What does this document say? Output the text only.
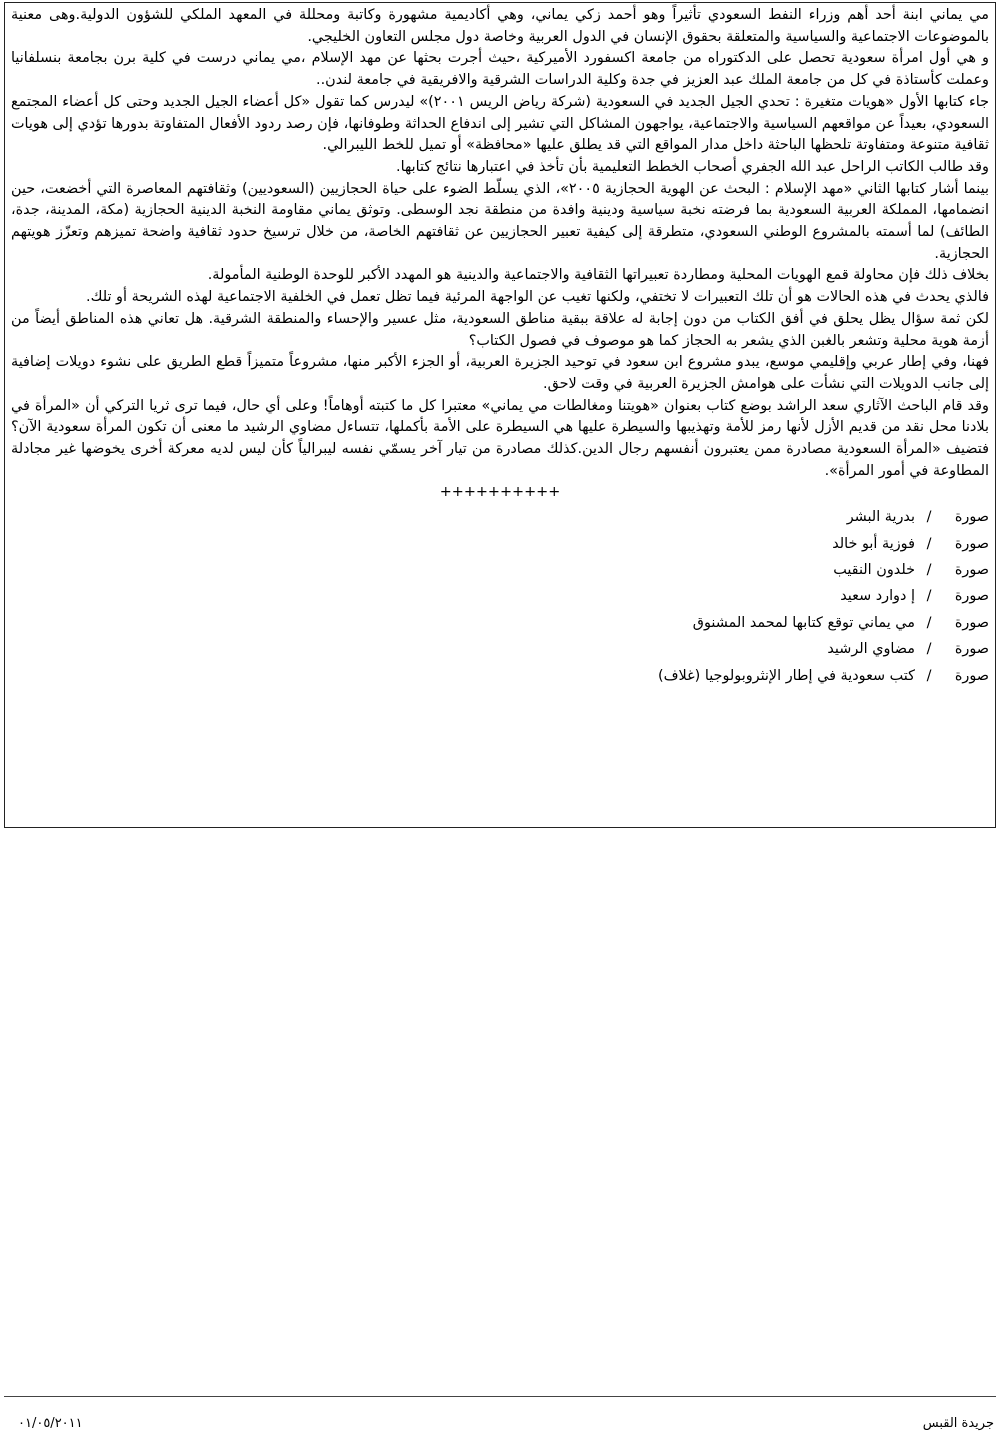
مي يماني ابنة أحد أهم وزراء النفط السعودي تأثيراً وهو أحمد زكي يماني، وهي أكاديمية مشهورة وكاتبة ومحللة في المعهد الملكي للشؤون الدولية.وهى معنية بالموضوعات الاجتماعية والسياسية والمتعلقة بحقوق الإنسان في الدول العربية وخاصة دول مجلس التعاون الخليجي.

و هي أول امرأة سعودية تحصل على الدكتوراه من جامعة اكسفورد الأميركية ،حيث أجرت بحثها عن مهد الإسلام ،مي يماني درست في كلية برن بجامعة بنسلفانيا وعملت كأستاذة في كل من جامعة الملك عبد العزيز في جدة وكلية الدراسات الشرقية والافريقية في جامعة لندن..

جاء كتابها الأول «هويات متغيرة : تحدي الجيل الجديد في السعودية (شركة رياض الريس ٢٠٠١)» ليدرس كما تقول «كل أعضاء الجيل الجديد وحتى كل أعضاء المجتمع السعودي، بعيداً عن مواقعهم السياسية والاجتماعية، يواجهون المشاكل التي تشير إلى اندفاع الحداثة وطوفانها، فإن رصد ردود الأفعال المتفاوتة بدورها تؤدي إلى هويات ثقافية متنوعة ومتفاوتة تلحظها الباحثة داخل مدار المواقع التي قد يطلق عليها «محافظة» أو تميل للخط الليبرالي.

وقد طالب الكاتب الراحل عبد الله الجفري أصحاب الخطط التعليمية بأن تأخذ في اعتبارها نتائج كتابها.

بينما أشار كتابها الثاني «مهد الإسلام : البحث عن الهوية الحجازية ٢٠٠٥»، الذي يسلّط الضوء على حياة الحجازيين (السعوديين) وثقافتهم المعاصرة التي أخضعت، حين انضمامها، المملكة العربية السعودية بما فرضته نخبة سياسية ودينية وافدة من منطقة نجد الوسطى. وتوثق يماني مقاومة النخبة الدينية الحجازية (مكة، المدينة، جدة، الطائف) لما أسمته بالمشروع الوطني السعودي، متطرقة إلى كيفية تعبير الحجازيين عن ثقافتهم الخاصة، من خلال ترسيخ حدود ثقافية واضحة تميزهم وتعزّز هويتهم الحجازية.

بخلاف ذلك فإن محاولة قمع الهويات المحلية ومطاردة تعبيراتها الثقافية والاجتماعية والدينية هو المهدد الأكبر للوحدة الوطنية المأمولة.

فالذي يحدث في هذه الحالات هو أن تلك التعبيرات لا تختفي، ولكنها تغيب عن الواجهة المرئية فيما تظل تعمل في الخلفية الاجتماعية لهذه الشريحة أو تلك.

لكن ثمة سؤال يظل يحلق في أفق الكتاب من دون إجابة له علاقة ببقية مناطق السعودية، مثل عسير والإحساء والمنطقة الشرقية. هل تعاني هذه المناطق أيضاً من أزمة هوية محلية وتشعر بالغبن الذي يشعر به الحجاز كما هو موصوف في فصول الكتاب؟

فهنا، وفي إطار عربي وإقليمي موسع، يبدو مشروع ابن سعود في توحيد الجزيرة العربية، أو الجزء الأكبر منها، مشروعاً متميزاً قطع الطريق على نشوء دويلات إضافية إلى جانب الدويلات التي نشأت على هوامش الجزيرة العربية في وقت لاحق.

وقد قام الباحث الآثاري سعد الراشد بوضع كتاب بعنوان «هويتنا ومغالطات مي يماني» معتبرا كل ما كتبته أوهاماً! وعلى أي حال، فيما ترى ثريا التركي أن «المرأة في بلادنا محل نقد من قديم الأزل لأنها رمز للأمة وتهذيبها والسيطرة عليها هي السيطرة على الأمة بأكملها، تتساءل مضاوي الرشيد ما معنى أن تكون المرأة سعودية الآن؟ فتضيف «المرأة السعودية مصادرة ممن يعتبرون أنفسهم رجال الدين.كذلك مصادرة من تيار آخر يسمّي نفسه ليبرالياً كأن ليس لديه معركة أخرى يخوضها غير مجادلة المطاوعة في أمور المرأة».

++++++++++
صورة
/
بدرية البشر
صورة
/
فوزية أبو خالد
صورة
/
خلدون النقيب
صورة
/
إ دوارد سعيد
صورة
/
مي يماني توقع كتابها لمحمد المشنوق
صورة
/
مضاوي الرشيد
صورة
/
كتب سعودية في إطار الإنثروبولوجيا (غلاف)
جريدة القبس
٠١/٠٥/٢٠١١
